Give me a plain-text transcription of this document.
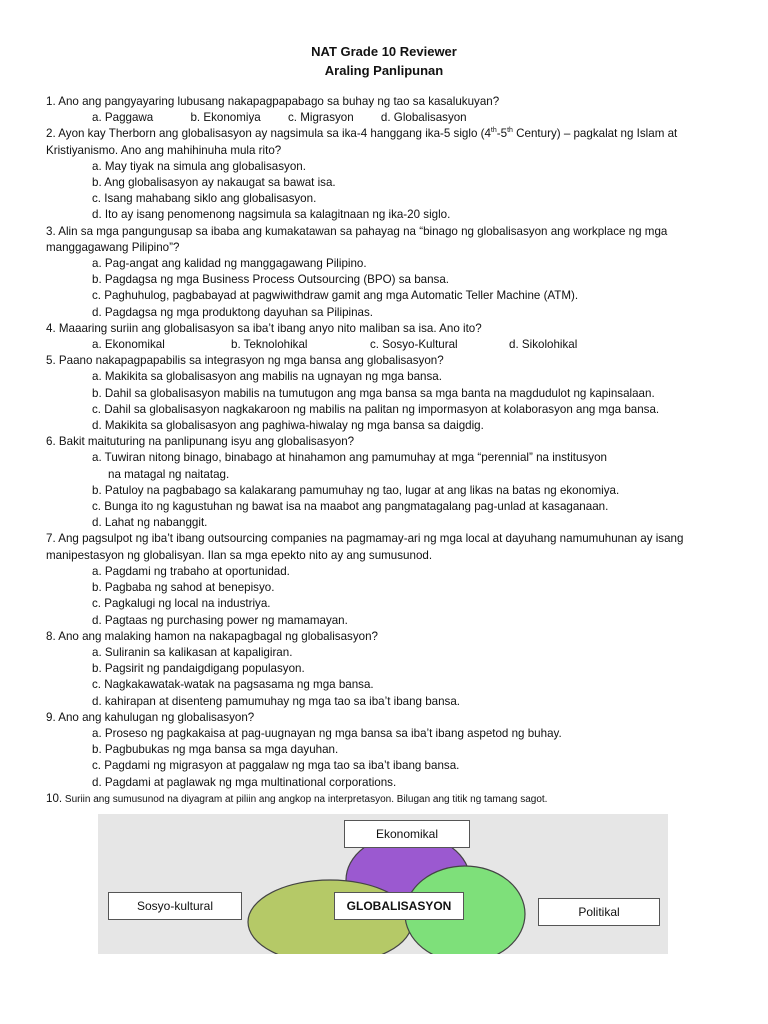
NAT Grade 10 Reviewer
Araling Panlipunan

1. Ano ang pangyayaring lubusang nakapagpapabago sa buhay ng tao sa kasalukuyan?

a. Paggawa	b. Ekonomiya c. Migrasyon d. Globalisasyon

2. Ayon kay Therborn ang globalisasyon ay nagsimula sa ika-4 hanggang ika-5 siglo (4th-5th Century) – pagkalat ng Islam at Kristiyanismo. Ano ang mahihinuha mula rito?

a. May tiyak na simula ang globalisasyon.
b. Ang globalisasyon ay nakaugat sa bawat isa.
c. Isang mahabang siklo ang globalisasyon.
d. Ito ay isang penomenong nagsimula sa kalagitnaan ng ika-20 siglo.

3. Alin sa mga pangungusap sa ibaba ang kumakatawan sa pahayag na “binago ng globalisasyon ang workplace ng mga manggagawang Pilipino”?

a. Pag-angat ang kalidad ng manggagawang Pilipino.
b. Pagdagsa ng mga Business Process Outsourcing (BPO) sa bansa.
c. Paghuhulog, pagbabayad at pagwiwithdraw gamit ang mga Automatic Teller Machine (ATM).
d. Pagdagsa ng mga produktong dayuhan sa Pilipinas.

4. Maaaring suriin ang globalisasyon sa iba’t ibang anyo nito maliban sa isa. Ano ito?

a. Ekonomikal	b. Teknolohikal	c. Sosyo-Kultural	d. Sikolohikal

5. Paano nakapagpapabilis sa integrasyon ng mga bansa ang globalisasyon?

a. Makikita sa globalisasyon ang mabilis na ugnayan ng mga bansa.
b. Dahil sa globalisasyon mabilis na tumutugon ang mga bansa sa mga banta na magdudulot ng kapinsalaan.
c. Dahil sa globalisasyon nagkakaroon ng mabilis na palitan ng impormasyon at kolaborasyon ang mga bansa.
d. Makikita sa globalisasyon ang paghiwa-hiwalay ng mga bansa sa daigdig.

6. Bakit maituturing na panlipunang isyu ang globalisasyon?

a. Tuwiran nitong binago, binabago at hinahamon ang pamumuhay at mga “perennial” na institusyon
na matagal ng naitatag.
b. Patuloy na pagbabago sa kalakarang pamumuhay ng tao, lugar at ang likas na batas ng ekonomiya.
c. Bunga ito ng kagustuhan ng bawat isa na maabot ang pangmatagalang pag-unlad at kasaganaan.
d. Lahat ng nabanggit.

7. Ang pagsulpot ng iba’t ibang outsourcing companies na pagmamay-ari ng mga local at dayuhang namumuhunan ay isang manipestasyon ng globalisyan. Ilan sa mga epekto nito ay ang sumusunod.

a. Pagdami ng trabaho at oportunidad.
b. Pagbaba ng sahod at benepisyo.
c. Pagkalugi ng local na industriya.
d. Pagtaas ng purchasing power ng mamamayan.

8. Ano ang malaking hamon na nakapagbagal ng globalisasyon?

a. Suliranin sa kalikasan at kapaligiran.
b. Pagsirit ng pandaigdigang populasyon.
c. Nagkakawatak-watak na pagsasama ng mga bansa.
d. kahirapan at disenteng pamumuhay ng mga tao sa iba’t ibang bansa.

9. Ano ang kahulugan ng globalisasyon?

a. Proseso ng pagkakaisa at pag-uugnayan ng mga bansa sa iba’t ibang aspetod ng buhay.
b. Pagbubukas ng mga bansa sa mga dayuhan.
c. Pagdami ng migrasyon at paggalaw ng mga tao sa iba’t ibang bansa.
d. Pagdami at paglawak ng mga multinational corporations.

10. Suriin ang sumusunod na diyagram at piliin ang angkop na interpretasyon. Bilugan ang titik ng tamang sagot.

Ekonomikal
Sosyo-kultural	GLOBALISASYON	Politikal
